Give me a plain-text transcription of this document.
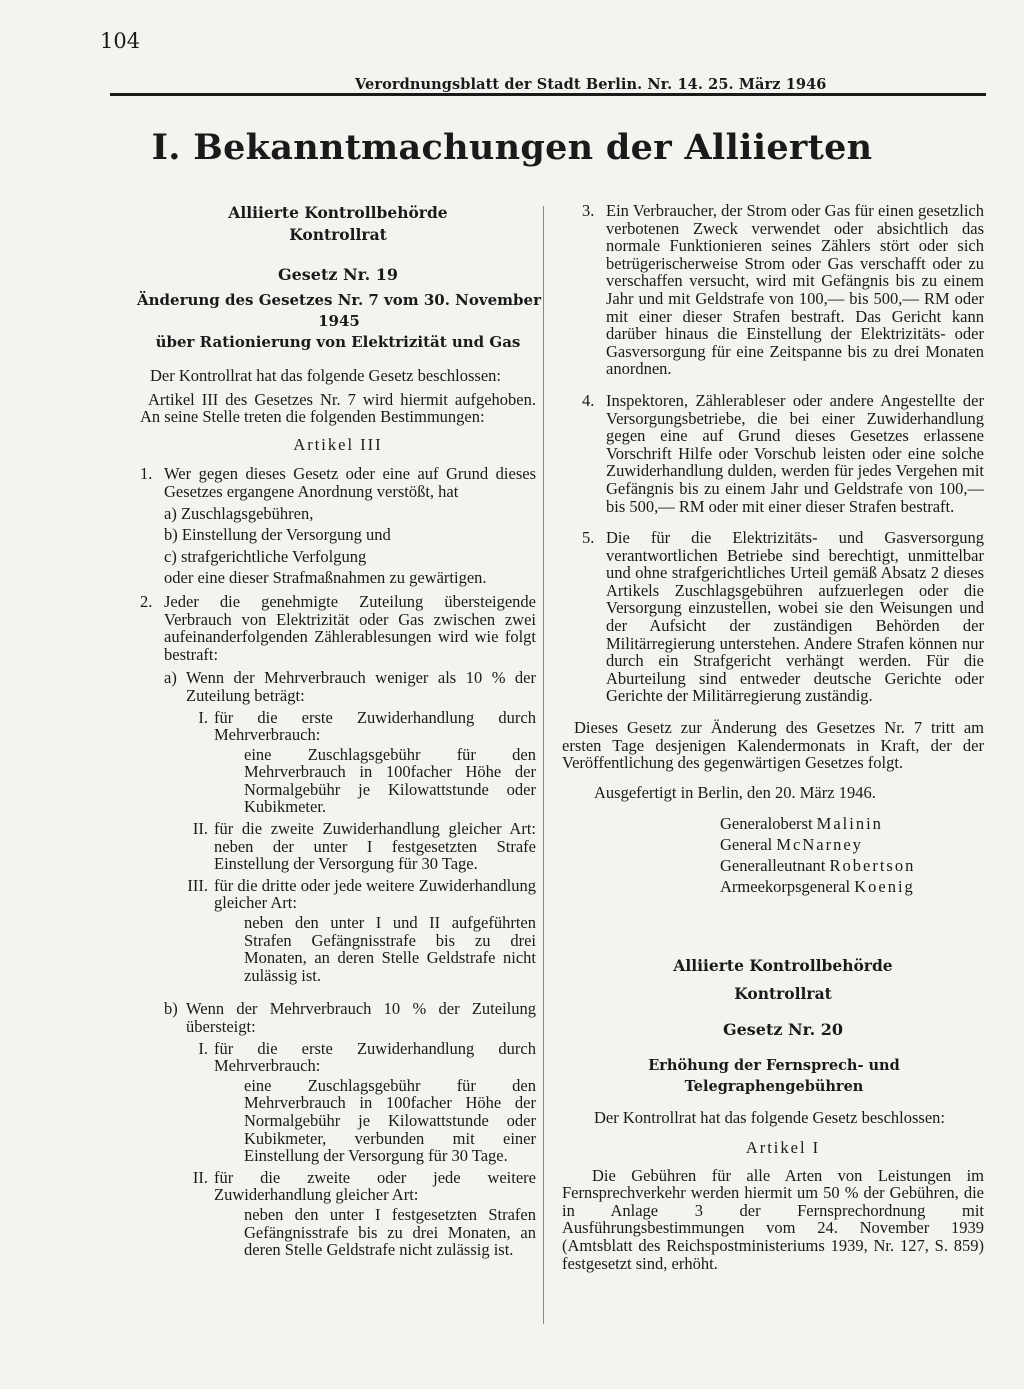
104
Verordnungsblatt der Stadt Berlin. Nr. 14. 25. März 1946
I. Bekanntmachungen der Alliierten

Alliierte Kontrollbehörde

Kontrollrat

Gesetz Nr. 19

Änderung des Gesetzes Nr. 7 vom 30. November 1945

über Rationierung von Elektrizität und Gas

Der Kontrollrat hat das folgende Gesetz beschlossen:

Artikel III des Gesetzes Nr. 7 wird hiermit aufgehoben. An seine Stelle treten die folgenden Bestimmungen:

Artikel III

1. Wer gegen dieses Gesetz oder eine auf Grund dieses Gesetzes ergangene Anordnung verstößt, hat

a) Zuschlagsgebühren,

b) Einstellung der Versorgung und

c) strafgerichtliche Verfolgung

oder eine dieser Strafmaßnahmen zu gewärtigen.

2. Jeder die genehmigte Zuteilung übersteigende Verbrauch von Elektrizität oder Gas zwischen zwei aufeinanderfolgenden Zählerablesungen wird wie folgt bestraft:

a) Wenn der Mehrverbrauch weniger als 10 % der Zuteilung beträgt:

I. für die erste Zuwiderhandlung durch Mehrverbrauch:

eine Zuschlagsgebühr für den Mehrverbrauch in 100facher Höhe der Normalgebühr je Kilowattstunde oder Kubikmeter.

II. für die zweite Zuwiderhandlung gleicher Art: neben der unter I festgesetzten Strafe Einstellung der Versorgung für 30 Tage.

III. für die dritte oder jede weitere Zuwiderhandlung gleicher Art:

neben den unter I und II aufgeführten Strafen Gefängnisstrafe bis zu drei Monaten, an deren Stelle Geldstrafe nicht zulässig ist.

b) Wenn der Mehrverbrauch 10 % der Zuteilung übersteigt:

I. für die erste Zuwiderhandlung durch Mehrverbrauch:

eine Zuschlagsgebühr für den Mehrverbrauch in 100facher Höhe der Normalgebühr je Kilowattstunde oder Kubikmeter, verbunden mit einer Einstellung der Versorgung für 30 Tage.

II. für die zweite oder jede weitere Zuwiderhandlung gleicher Art:

neben den unter I festgesetzten Strafen Gefängnisstrafe bis zu drei Monaten, an deren Stelle Geldstrafe nicht zulässig ist.

3. Ein Verbraucher, der Strom oder Gas für einen gesetzlich verbotenen Zweck verwendet oder absichtlich das normale Funktionieren seines Zählers stört oder sich betrügerischerweise Strom oder Gas verschafft oder zu verschaffen versucht, wird mit Gefängnis bis zu einem Jahr und mit Geldstrafe von 100,— bis 500,— RM oder mit einer dieser Strafen bestraft. Das Gericht kann darüber hinaus die Einstellung der Elektrizitäts- oder Gasversorgung für eine Zeitspanne bis zu drei Monaten anordnen.

4. Inspektoren, Zählerableser oder andere Angestellte der Versorgungsbetriebe, die bei einer Zuwiderhandlung gegen eine auf Grund dieses Gesetzes erlassene Vorschrift Hilfe oder Vorschub leisten oder eine solche Zuwiderhandlung dulden, werden für jedes Vergehen mit Gefängnis bis zu einem Jahr und Geldstrafe von 100,— bis 500,— RM oder mit einer dieser Strafen bestraft.

5. Die für die Elektrizitäts- und Gasversorgung verantwortlichen Betriebe sind berechtigt, unmittelbar und ohne strafgerichtliches Urteil gemäß Absatz 2 dieses Artikels Zuschlagsgebühren aufzuerlegen oder die Versorgung einzustellen, wobei sie den Weisungen und der Aufsicht der zuständigen Behörden der Militärregierung unterstehen. Andere Strafen können nur durch ein Strafgericht verhängt werden. Für die Aburteilung sind entweder deutsche Gerichte oder Gerichte der Militärregierung zuständig.

Dieses Gesetz zur Änderung des Gesetzes Nr. 7 tritt am ersten Tage desjenigen Kalendermonats in Kraft, der der Veröffentlichung des gegenwärtigen Gesetzes folgt.

Ausgefertigt in Berlin, den 20. März 1946.

Generaloberst Malinin
General McNarney
Generalleutnant Robertson
Armeekorpsgeneral Koenig

Alliierte Kontrollbehörde

Kontrollrat

Gesetz Nr. 20

Erhöhung der Fernsprech- und Telegraphengebühren

Der Kontrollrat hat das folgende Gesetz beschlossen:

Artikel I

Die Gebühren für alle Arten von Leistungen im Fernsprechverkehr werden hiermit um 50 % der Gebühren, die in Anlage 3 der Fernsprechordnung mit Ausführungsbestimmungen vom 24. November 1939 (Amtsblatt des Reichspostministeriums 1939, Nr. 127, S. 859) festgesetzt sind, erhöht.
